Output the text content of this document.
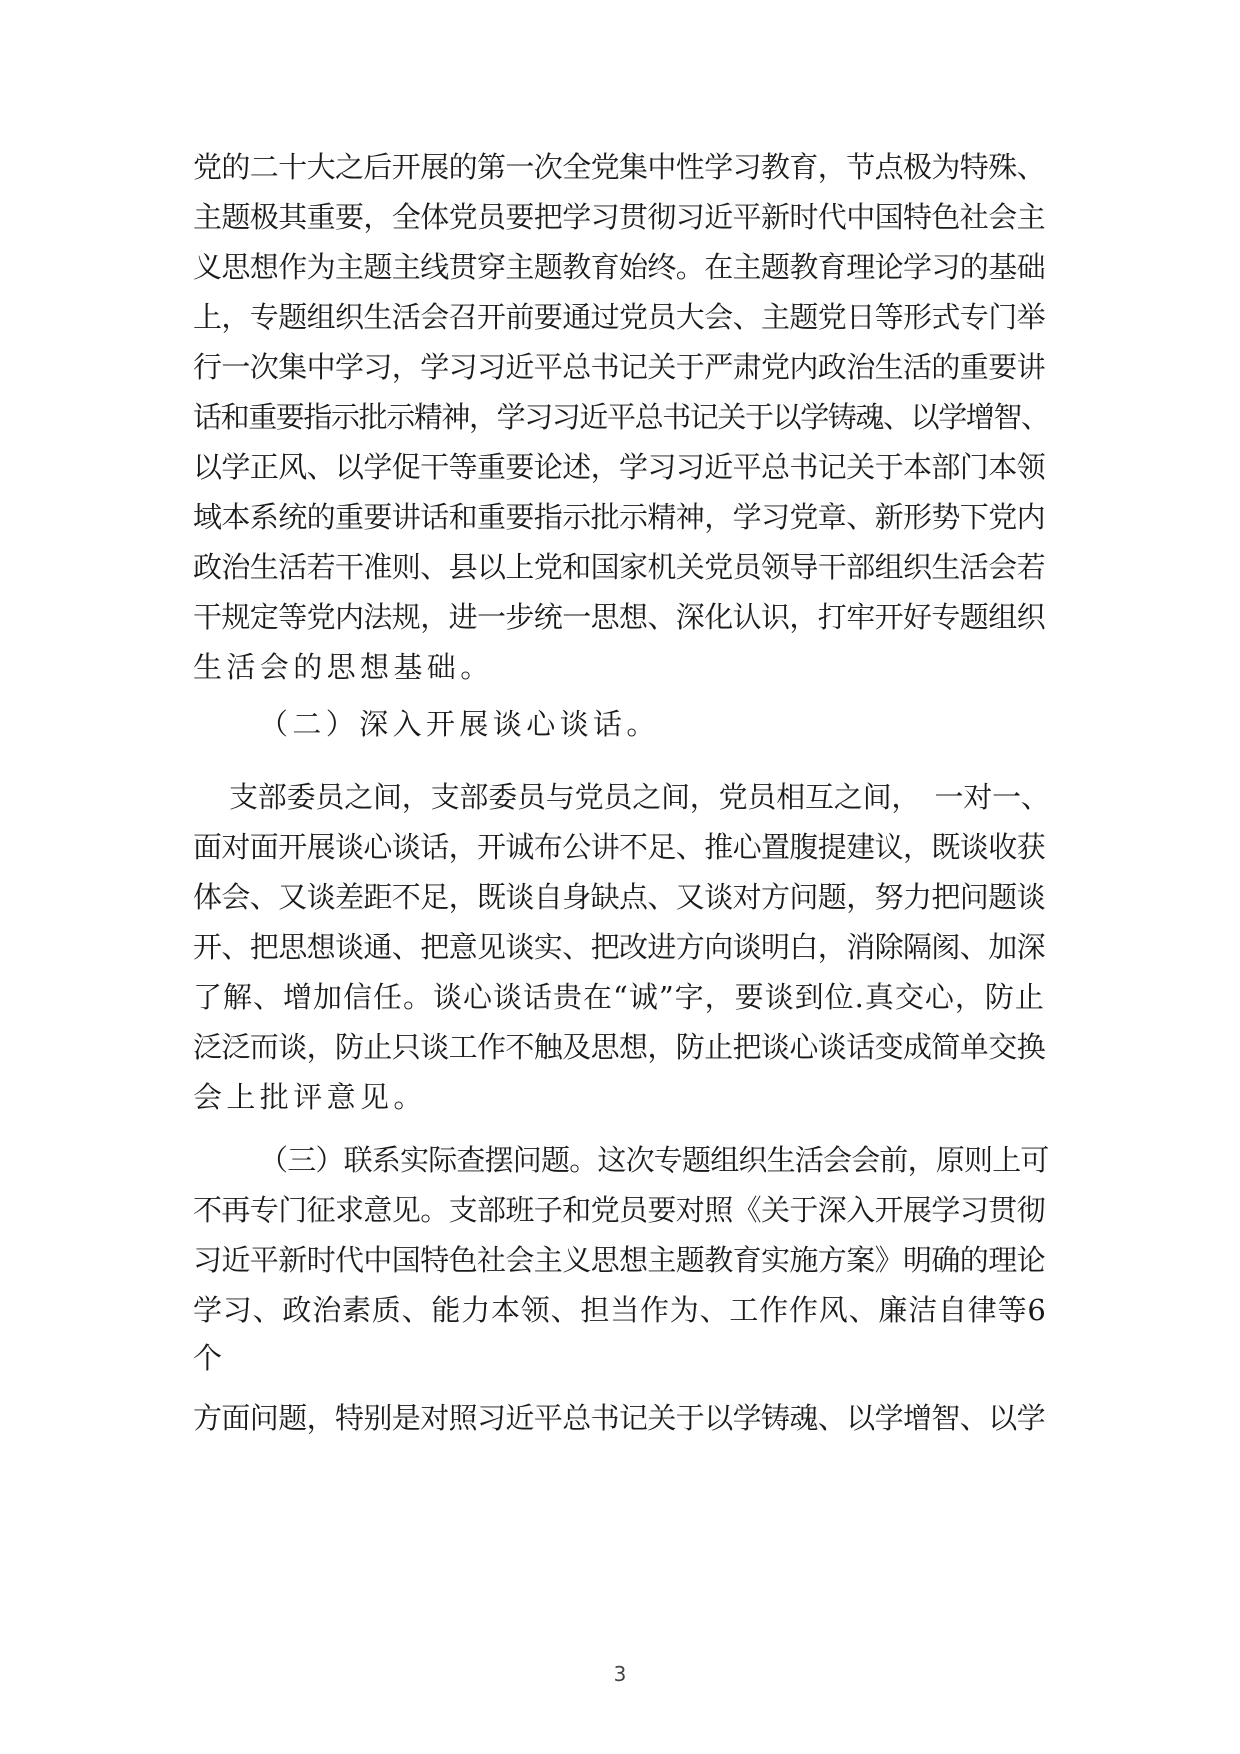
党的二十大之后开展的第一次全党集中性学习教育，节点极为特殊、
主题极其重要，全体党员要把学习贯彻习近平新时代中国特色社会主
义思想作为主题主线贯穿主题教育始终。在主题教育理论学习的基础
上，专题组织生活会召开前要通过党员大会、主题党日等形式专门举
行一次集中学习，学习习近平总书记关于严肃党内政治生活的重要讲
话和重要指示批示精神，学习习近平总书记关于以学铸魂、以学增智、
以学正风、以学促干等重要论述，学习习近平总书记关于本部门本领
域本系统的重要讲话和重要指示批示精神，学习党章、新形势下党内
政治生活若干准则、县以上党和国家机关党员领导干部组织生活会若
干规定等党内法规，进一步统一思想、深化认识，打牢开好专题组织
生活会的思想基础。
（二）深入开展谈心谈话。
支部委员之间，支部委员与党员之间，党员相互之间，　一对一、
面对面开展谈心谈话，开诚布公讲不足、推心置腹提建议，既谈收获
体会、又谈差距不足，既谈自身缺点、又谈对方问题，努力把问题谈
开、把思想谈通、把意见谈实、把改进方向谈明白，消除隔阂、加深
了解、增加信任。谈心谈话贵在“诚”字，要谈到位.真交心，防止
泛泛而谈，防止只谈工作不触及思想，防止把谈心谈话变成简单交换
会上批评意见。
（三）联系实际查摆问题。这次专题组织生活会会前，原则上可
不再专门征求意见。支部班子和党员要对照《关于深入开展学习贯彻
习近平新时代中国特色社会主义思想主题教育实施方案》明确的理论
学习、政治素质、能力本领、担当作为、工作作风、廉洁自律等6
个
方面问题，特别是对照习近平总书记关于以学铸魂、以学增智、以学
3
